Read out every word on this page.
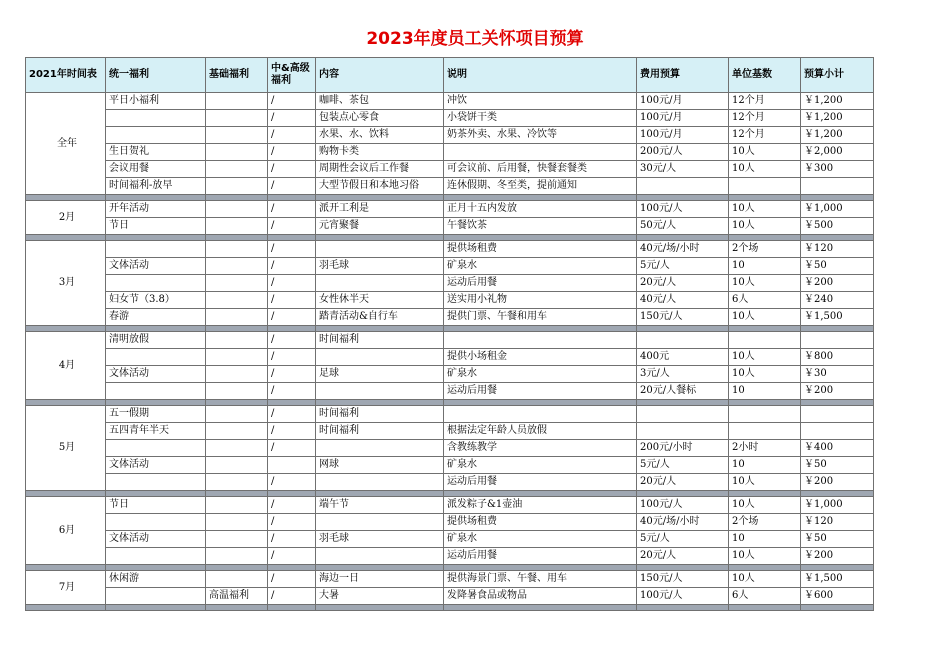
2023年度员工关怀项目预算
2021年时间表	统一福利	基础福利	中&高级福利	内容	说明	费用预算	单位基数	预算小计
全年	平日小福利		/	咖啡、茶包	冲饮	100元/月	12个月	￥1,200
			/	包装点心零食	小袋饼干类	100元/月	12个月	￥1,200
			/	水果、水、饮料	奶茶外卖、水果、冷饮等	100元/月	12个月	￥1,200
	生日贺礼		/	购物卡类		200元/人	10人	￥2,000
	会议用餐		/	周期性会议后工作餐	可会议前、后用餐，快餐套餐类	30元/人	10人	￥300
	时间福利-放早		/	大型节假日和本地习俗	连休假期、冬至类，提前通知			

2月	开年活动		/	派开工利是	正月十五内发放	100元/人	10人	￥1,000
	节日		/	元宵聚餐	午餐饮茶	50元/人	10人	￥500

3月			/		提供场租费	40元/场/小时	2个场	￥120
	文体活动		/	羽毛球	矿泉水	5元/人	10	￥50
			/		运动后用餐	20元/人	10人	￥200
	妇女节（3.8）		/	女性休半天	送实用小礼物	40元/人	6人	￥240
	春游		/	踏青活动&自行车	提供门票、午餐和用车	150元/人	10人	￥1,500

4月	清明放假		/	时间福利				
			/		提供小场租金	400元	10人	￥800
	文体活动		/	足球	矿泉水	3元/人	10人	￥30
			/		运动后用餐	20元/人餐标	10	￥200

5月	五一假期		/	时间福利				
	五四青年半天		/	时间福利	根据法定年龄人员放假			
			/		含教练教学	200元/小时	2小时	￥400
	文体活动			网球	矿泉水	5元/人	10	￥50
			/		运动后用餐	20元/人	10人	￥200

6月	节日		/	端午节	派发粽子&1壶油	100元/人	10人	￥1,000
			/		提供场租费	40元/场/小时	2个场	￥120
	文体活动		/	羽毛球	矿泉水	5元/人	10	￥50
			/		运动后用餐	20元/人	10人	￥200

7月	休闲游		/	海边一日	提供海景门票、午餐、用车	150元/人	10人	￥1,500
		高温福利	/	大暑	发降暑食品或物品	100元/人	6人	￥600
